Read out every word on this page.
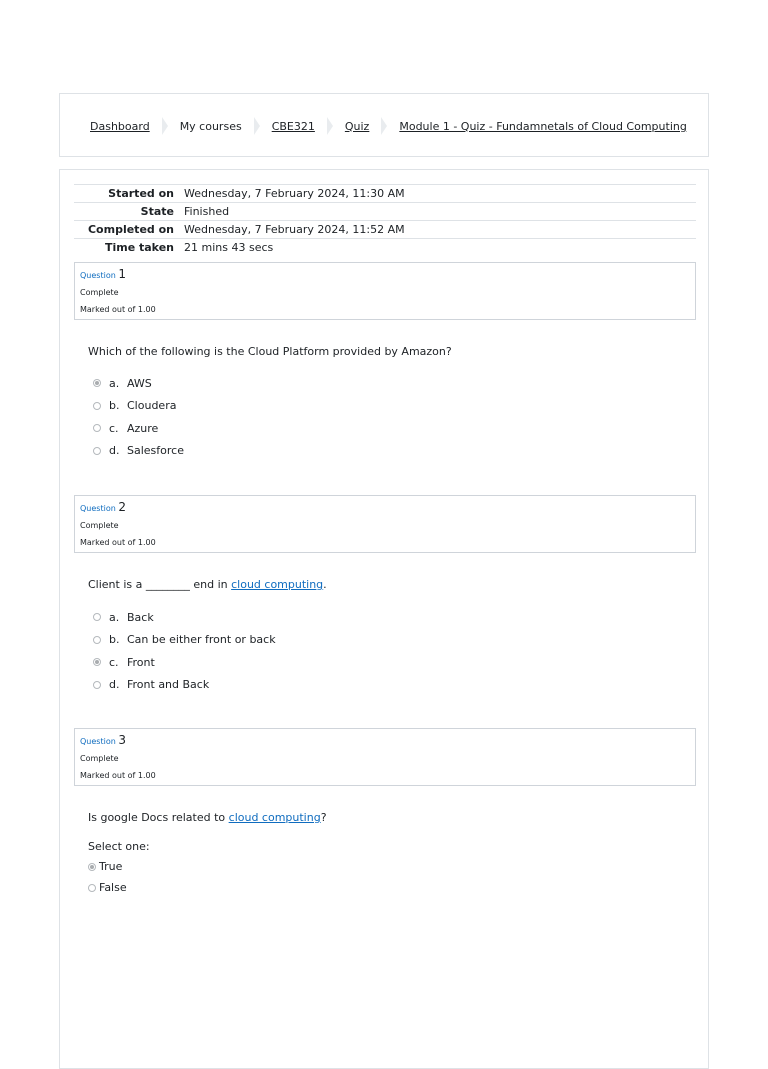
Dashboard	My courses	CBE321	Quiz	Module 1 - Quiz - Fundamnetals of Cloud Computing
Started on	Wednesday, 7 February 2024, 11:30 AM
State	Finished
Completed on	Wednesday, 7 February 2024, 11:52 AM
Time taken	21 mins 43 secs
Question 1
Complete
Marked out of 1.00
Which of the following is the Cloud Platform provided by Amazon?
a. AWS
b. Cloudera
c. Azure
d. Salesforce
Question 2
Complete
Marked out of 1.00
Client is a ________ end in cloud computing.
a. Back
b. Can be either front or back
c. Front
d. Front and Back
Question 3
Complete
Marked out of 1.00
Is google Docs related to cloud computing?
Select one:
True
False
